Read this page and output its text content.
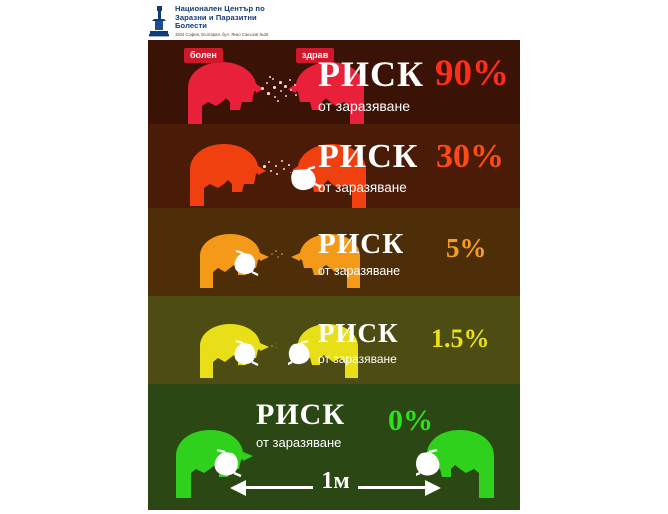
Национален Център по
Заразни и Паразитни
Болести
1504 София, България, бул. Янко Сакъзов №26
болен	здрав
РИСК
от заразяване
90%
РИСК
от заразяване
30%
РИСК
от заразяване
5%
РИСК
от заразяване
1.5%
РИСК
от заразяване
0%
1м
